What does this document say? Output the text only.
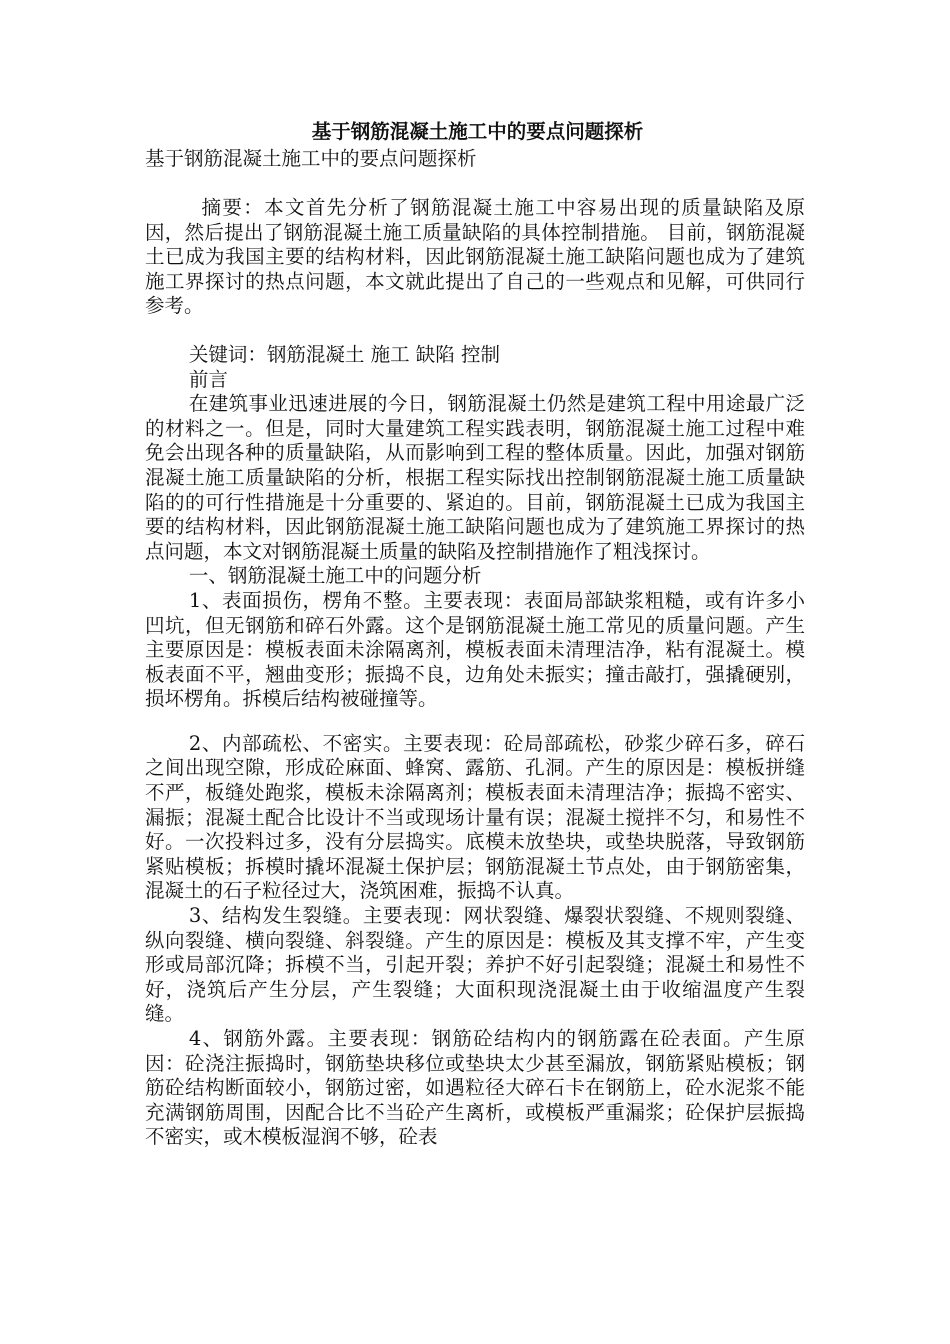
基于钢筋混凝土施工中的要点问题探析

基于钢筋混凝土施工中的要点问题探析

摘要：本文首先分析了钢筋混凝土施工中容易出现的质量缺陷及原因，然后提出了钢筋混凝土施工质量缺陷的具体控制措施。 目前，钢筋混凝土已成为我国主要的结构材料，因此钢筋混凝土施工缺陷问题也成为了建筑施工界探讨的热点问题，本文就此提出了自己的一些观点和见解，可供同行参考。

关键词：钢筋混凝土 施工 缺陷 控制

前言

在建筑事业迅速进展的今日，钢筋混凝土仍然是建筑工程中用途最广泛的材料之一。但是，同时大量建筑工程实践表明，钢筋混凝土施工过程中难免会出现各种的质量缺陷，从而影响到工程的整体质量。因此，加强对钢筋混凝土施工质量缺陷的分析，根据工程实际找出控制钢筋混凝土施工质量缺陷的的可行性措施是十分重要的、紧迫的。目前，钢筋混凝土已成为我国主要的结构材料，因此钢筋混凝土施工缺陷问题也成为了建筑施工界探讨的热点问题，本文对钢筋混凝土质量的缺陷及控制措施作了粗浅探讨。

一、钢筋混凝土施工中的问题分析

1、表面损伤，楞角不整。主要表现：表面局部缺浆粗糙，或有许多小凹坑，但无钢筋和碎石外露。这个是钢筋混凝土施工常见的质量问题。产生主要原因是：模板表面未涂隔离剂，模板表面未清理洁净，粘有混凝土。模板表面不平，翘曲变形；振捣不良，边角处未振实；撞击敲打，强撬硬别，损坏楞角。拆模后结构被碰撞等。

2、内部疏松、不密实。主要表现：砼局部疏松，砂浆少碎石多，碎石之间出现空隙，形成砼麻面、蜂窝、露筋、孔洞。产生的原因是：模板拼缝不严，板缝处跑浆，模板未涂隔离剂；模板表面未清理洁净；振捣不密实、漏振；混凝土配合比设计不当或现场计量有误；混凝土搅拌不匀，和易性不好。一次投料过多，没有分层捣实。底模未放垫块，或垫块脱落，导致钢筋紧贴模板；拆模时撬坏混凝土保护层；钢筋混凝土节点处，由于钢筋密集，混凝土的石子粒径过大，浇筑困难，振捣不认真。

3、结构发生裂缝。主要表现：网状裂缝、爆裂状裂缝、不规则裂缝、纵向裂缝、横向裂缝、斜裂缝。产生的原因是：模板及其支撑不牢，产生变形或局部沉降；拆模不当，引起开裂；养护不好引起裂缝；混凝土和易性不好，浇筑后产生分层，产生裂缝；大面积现浇混凝土由于收缩温度产生裂缝。

4、钢筋外露。主要表现：钢筋砼结构内的钢筋露在砼表面。产生原因：砼浇注振捣时，钢筋垫块移位或垫块太少甚至漏放，钢筋紧贴模板；钢筋砼结构断面较小，钢筋过密，如遇粒径大碎石卡在钢筋上，砼水泥浆不能充满钢筋周围，因配合比不当砼产生离析，或模板严重漏浆；砼保护层振捣不密实，或木模板湿润不够，砼表
